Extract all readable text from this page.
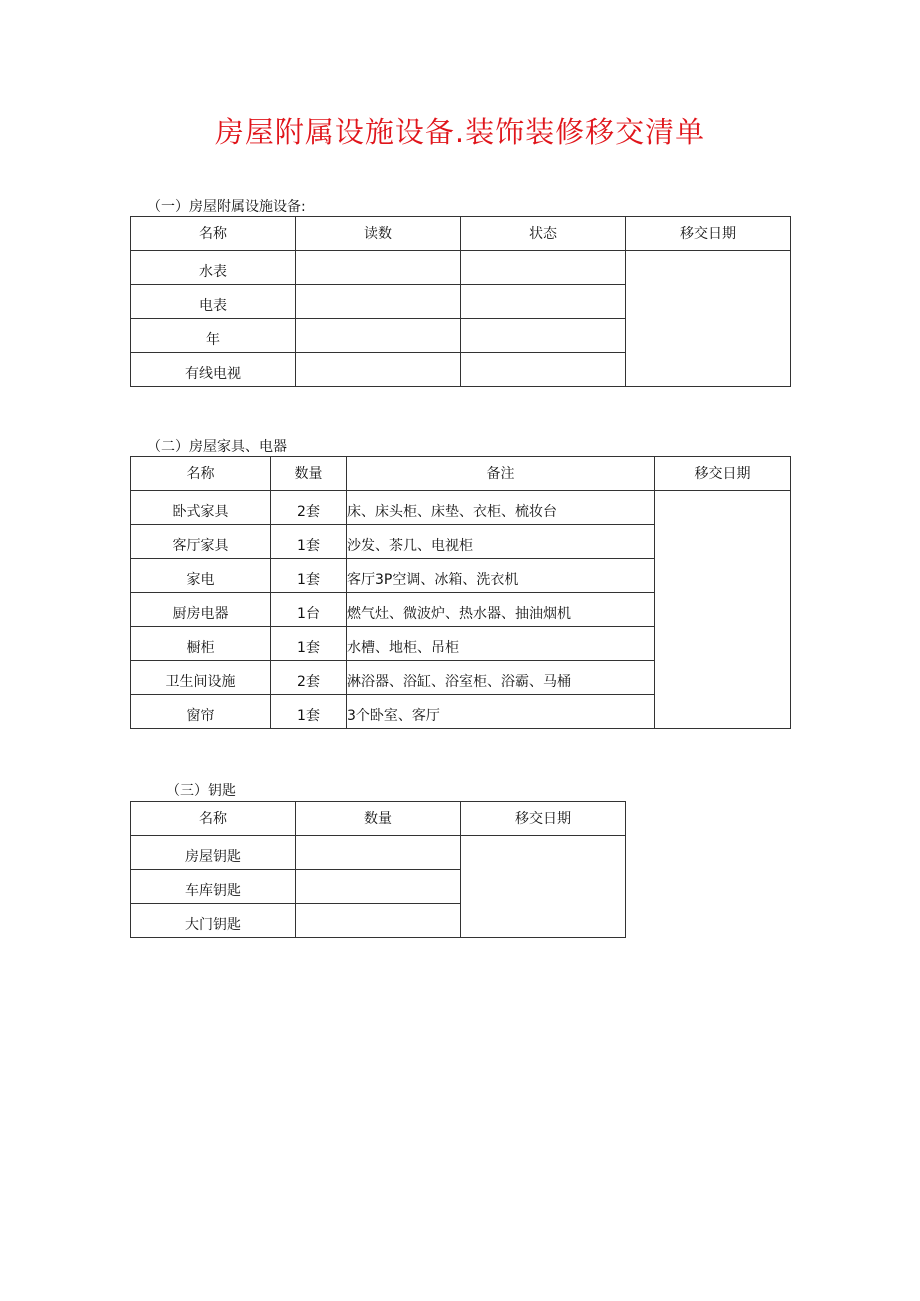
房屋附属设施设备.装饰装修移交清单
（一）房屋附属设施设备:
名称	读数	状态	移交日期
水表			
电表			
年			
有线电视			
（二）房屋家具、电器
名称	数量	备注	移交日期
卧式家具	2套	床、床头柜、床垫、衣柜、梳妆台	
客厅家具	1套	沙发、茶几、电视柜	
家电	1套	客厅3P空调、冰箱、洗衣机	
厨房电器	1台	燃气灶、微波炉、热水器、抽油烟机	
橱柜	1套	水槽、地柜、吊柜	
卫生间设施	2套	淋浴器、浴缸、浴室柜、浴霸、马桶	
窗帘	1套	3个卧室、客厅	
（三）钥匙
名称	数量	移交日期
房屋钥匙		
车库钥匙		
大门钥匙		
